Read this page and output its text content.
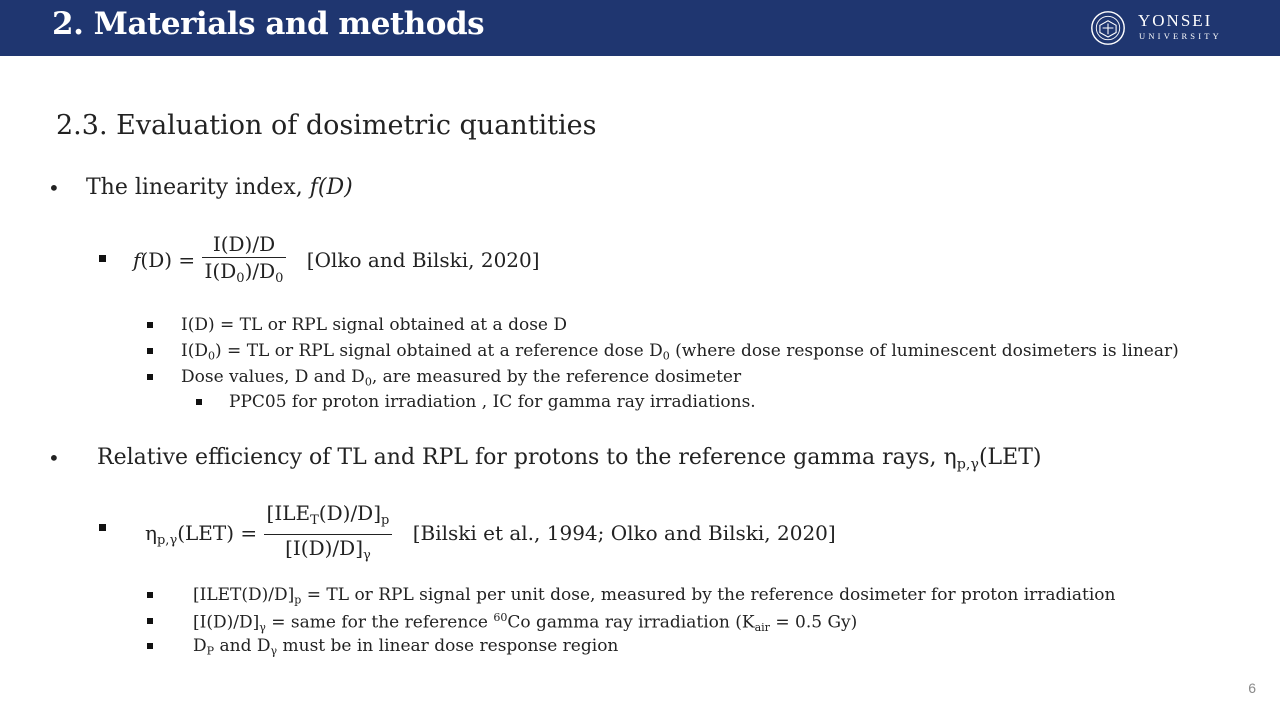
2. Materials and methods	YONSEI
UNIVERSITY
2.3. Evaluation of dosimetric quantities
• The linearity index, f(D)
$f(D) = \frac{I(D)/D}{I(D_0)/D_0}$ [Olko and Bilski, 2020]
I(D) = TL or RPL signal obtained at a dose D
$I(D_0)$ = TL or RPL signal obtained at a reference dose $D_0$ (where dose response of luminescent dosimeters is linear)
Dose values, D and $D_0$, are measured by the reference dosimeter
PPC05 for proton irradiation , IC for gamma ray irradiations.
• Relative efficiency of TL and RPL for protons to the reference gamma rays, $\eta_{p,\gamma}(LET)$
$\eta_{p,\gamma}(LET) = \frac{[ILE_T(D)/D]_p}{[I(D)/D]_\gamma}$ [Bilski et al., 1994; Olko and Bilski, 2020]
$[ILET(D)/D]_p$ = TL or RPL signal per unit dose, measured by the reference dosimeter for proton irradiation
$[I(D)/D]_\gamma$ = same for the reference $^{60}$Co gamma ray irradiation ($K_{air} = 0.5$ Gy)
$D_P$ and $D_\gamma$ must be in linear dose response region
6
